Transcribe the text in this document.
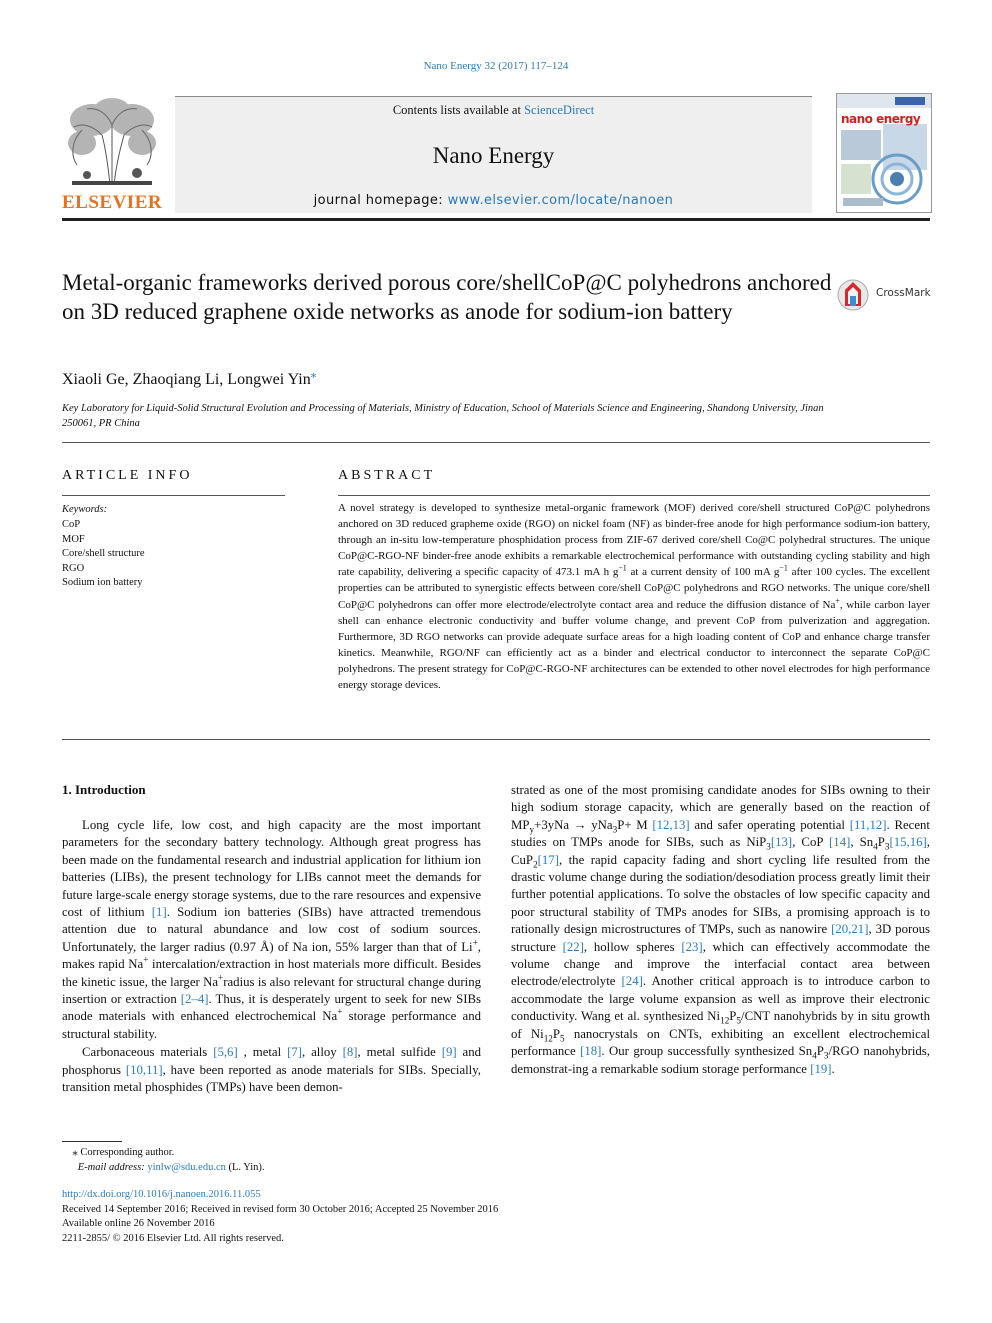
Nano Energy 32 (2017) 117–124
ELSEVIER
Contents lists available at ScienceDirect
Nano Energy
journal homepage: www.elsevier.com/locate/nanoen
nano energy
Metal-organic frameworks derived porous core/shellCoP@C polyhedrons anchored on 3D reduced graphene oxide networks as anode for sodium-ion battery
CrossMark
Xiaoli Ge, Zhaoqiang Li, Longwei Yin⁎
Key Laboratory for Liquid-Solid Structural Evolution and Processing of Materials, Ministry of Education, School of Materials Science and Engineering, Shandong University, Jinan 250061, PR China
ARTICLE INFO
Keywords:
CoP
MOF
Core/shell structure
RGO
Sodium ion battery
ABSTRACT
A novel strategy is developed to synthesize metal-organic framework (MOF) derived core/shell structured CoP@C polyhedrons anchored on 3D reduced grapheme oxide (RGO) on nickel foam (NF) as binder-free anode for high performance sodium-ion battery, through an in-situ low-temperature phosphidation process from ZIF-67 derived core/shell Co@C polyhedral structures. The unique CoP@C-RGO-NF binder-free anode exhibits a remarkable electrochemical performance with outstanding cycling stability and high rate capability, delivering a specific capacity of 473.1 mA h $g^{-1}$ at a current density of 100 mA $g^{-1}$ after 100 cycles. The excellent properties can be attributed to synergistic effects between core/shell CoP@C polyhedrons and RGO networks. The unique core/shell CoP@C polyhedrons can offer more electrode/electrolyte contact area and reduce the diffusion distance of Na+, while carbon layer shell can enhance electronic conductivity and buffer volume change, and prevent CoP from pulverization and aggregation. Furthermore, 3D RGO networks can provide adequate surface areas for a high loading content of CoP and enhance charge transfer kinetics. Meanwhile, RGO/NF can efficiently act as a binder and electrical conductor to interconnect the separate CoP@C polyhedrons. The present strategy for CoP@C-RGO-NF architectures can be extended to other novel electrodes for high performance energy storage devices.
1. Introduction

Long cycle life, low cost, and high capacity are the most important parameters for the secondary battery technology. Although great progress has been made on the fundamental research and industrial application for lithium ion batteries (LIBs), the present technology for LIBs cannot meet the demands for future large-scale energy storage systems, due to the rare resources and expensive cost of lithium [1]. Sodium ion batteries (SIBs) have attracted tremendous attention due to natural abundance and low cost of sodium sources. Unfortunately, the larger radius (0.97 Å) of Na ion, 55% larger than that of Li+, makes rapid Na+ intercalation/extraction in host materials more difficult. Besides the kinetic issue, the larger Na+radius is also relevant for structural change during insertion or extraction [2–4]. Thus, it is desperately urgent to seek for new SIBs anode materials with enhanced electrochemical Na+ storage performance and structural stability.

Carbonaceous materials [5,6] , metal [7], alloy [8], metal sulfide [9] and phosphorus [10,11], have been reported as anode materials for SIBs. Specially, transition metal phosphides (TMPs) have been demon-

strated as one of the most promising candidate anodes for SIBs owning to their high sodium storage capacity, which are generally based on the reaction of $MP_y+3yNa \to yNa_3P+ M$ [12,13] and safer operating potential [11,12]. Recent studies on TMPs anode for SIBs, such as NiP$_3$[13], CoP [14], $Sn_4P_3[15,16]$, CuP$_2$[17], the rapid capacity fading and short cycling life resulted from the drastic volume change during the sodiation/desodiation process greatly limit their further potential applications. To solve the obstacles of low specific capacity and poor structural stability of TMPs anodes for SIBs, a promising approach is to rationally design microstructures of TMPs, such as nanowire [20,21], 3D porous structure [22], hollow spheres [23], which can effectively accommodate the volume change and improve the interfacial contact area between electrode/electrolyte [24]. Another critical approach is to introduce carbon to accommodate the large volume expansion as well as improve their electronic conductivity. Wang et al. synthesized $Ni_{12}P_5$/CNT nanohybrids by in situ growth of $Ni_{12}P_5$ nanocrystals on CNTs, exhibiting an excellent electrochemical performance [18]. Our group successfully synthesized $Sn_4P_3$/RGO nanohybrids, demonstrat-ing a remarkable sodium storage performance [19].

⁎ Corresponding author.
E-mail address: yinlw@sdu.edu.cn (L. Yin).
http://dx.doi.org/10.1016/j.nanoen.2016.11.055
Received 14 September 2016; Received in revised form 30 October 2016; Accepted 25 November 2016
Available online 26 November 2016
2211-2855/ © 2016 Elsevier Ltd. All rights reserved.
